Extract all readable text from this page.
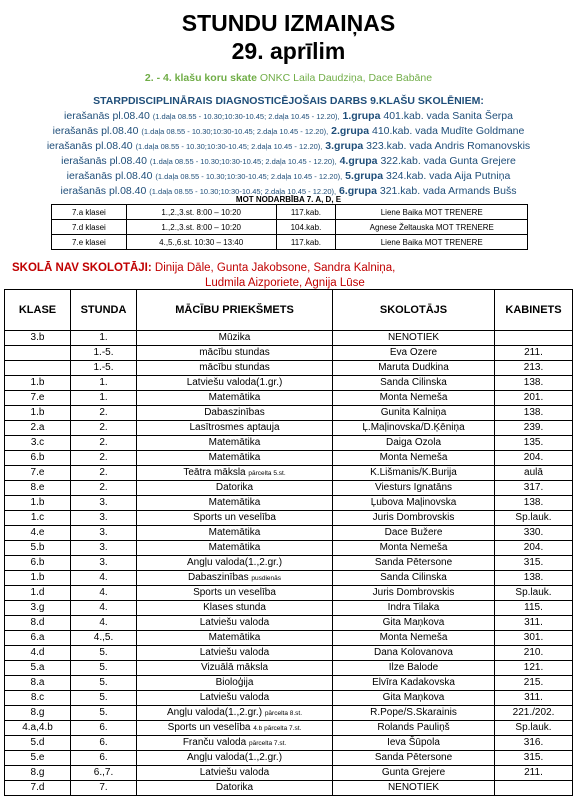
STUNDU IZMAIŅAS
29. aprīlim
2. - 4. klašu koru skate ONKC Laila Daudziņa, Dace Babāne
STARPDISCIPLINĀRAIS DIAGNOSTICĒJOŠAIS DARBS 9.KLAŠU SKOLĒNIEM:
ierašanās pl.08.40 (1.daļa 08.55 - 10.30;10:30-10.45; 2.daļa 10.45 - 12.20), 1.grupa 401.kab. vada Sanita Šerpa
ierašanās pl.08.40 (1.daļa 08.55 - 10.30;10:30-10.45; 2.daļa 10.45 - 12.20), 2.grupa 410.kab. vada Mudīte Goldmane
ierašanās pl.08.40 (1.daļa 08.55 - 10.30;10:30-10.45; 2.daļa 10.45 - 12.20), 3.grupa 323.kab. vada Andris Romanovskis
ierašanās pl.08.40 (1.daļa 08.55 - 10.30;10:30-10.45; 2.daļa 10.45 - 12.20), 4.grupa 322.kab. vada Gunta Grejere
ierašanās pl.08.40 (1.daļa 08.55 - 10.30;10:30-10.45; 2.daļa 10.45 - 12.20), 5.grupa 324.kab. vada Aija Putniņa
ierašanās pl.08.40 (1.daļa 08.55 - 10.30;10:30-10.45; 2.daļa 10.45 - 12.20), 6.grupa 321.kab. vada Armands Bušs
MOT NODARBĪBA 7. A, D, E
7.a klasei	1.,2.,3.st. 8:00 – 10:20	117.kab.	Liene Baika MOT TRENERE
7.d klasei	1.,2.,3.st. 8:00 – 10:20	104.kab.	Agnese Želtauska MOT TRENERE
7.e klasei	4.,5.,6.st. 10:30 – 13:40	117.kab.	Liene Baika MOT TRENERE
SKOLĀ NAV SKOLOTĀJI: Dinija Dāle, Gunta Jakobsone, Sandra Kalniņa,
Ludmila Aizporiete, Agnija Lūse
KLASE	STUNDA	MĀCĪBU PRIEKŠMETS	SKOLOTĀJS	KABINETS
3.b	1.	Mūzika	NENOTIEK	
	1.-5.	mācību stundas	Eva Ozere	211.
	1.-5.	mācību stundas	Maruta Dudkina	213.
1.b	1.	Latviešu valoda(1.gr.)	Sanda Cilinska	138.
7.e	1.	Matemātika	Monta Nemeša	201.
1.b	2.	Dabaszinības	Gunita Kalniņa	138.
2.a	2.	Lasītrosmes aptauja	Ļ.Maļinovska/D.Ķēniņa	239.
3.c	2.	Matemātika	Daiga Ozola	135.
6.b	2.	Matemātika	Monta Nemeša	204.
7.e	2.	Teātra māksla pārcelta 5.st.	K.Lišmanis/K.Burija	aulā
8.e	2.	Datorika	Viesturs Ignatāns	317.
1.b	3.	Matemātika	Ļubova Maļinovska	138.
1.c	3.	Sports un veselība	Juris Dombrovskis	Sp.lauk.
4.e	3.	Matemātika	Dace Bužere	330.
5.b	3.	Matemātika	Monta Nemeša	204.
6.b	3.	Angļu valoda(1.,2.gr.)	Sanda Pētersone	315.
1.b	4.	Dabaszinības pusdienās	Sanda Cilinska	138.
1.d	4.	Sports un veselība	Juris Dombrovskis	Sp.lauk.
3.g	4.	Klases stunda	Indra Tilaka	115.
8.d	4.	Latviešu valoda	Gita Maņkova	311.
6.a	4.,5.	Matemātika	Monta Nemeša	301.
4.d	5.	Latviešu valoda	Dana Kolovanova	210.
5.a	5.	Vizuālā māksla	Ilze Balode	121.
8.a	5.	Bioloģija	Elvīra Kadakovska	215.
8.c	5.	Latviešu valoda	Gita Maņkova	311.
8.g	5.	Angļu valoda(1.,2.gr.) pārcelta 8.st.	R.Pope/S.Skarainis	221./202.
4.a,4.b	6.	Sports un veselība 4.b pārcelta 7.st.	Rolands Pauliņš	Sp.lauk.
5.d	6.	Franču valoda pārcelta 7.st.	Ieva Šūpola	316.
5.e	6.	Angļu valoda(1.,2.gr.)	Sanda Pētersone	315.
8.g	6.,7.	Latviešu valoda	Gunta Grejere	211.
7.d	7.	Datorika	NENOTIEK	
